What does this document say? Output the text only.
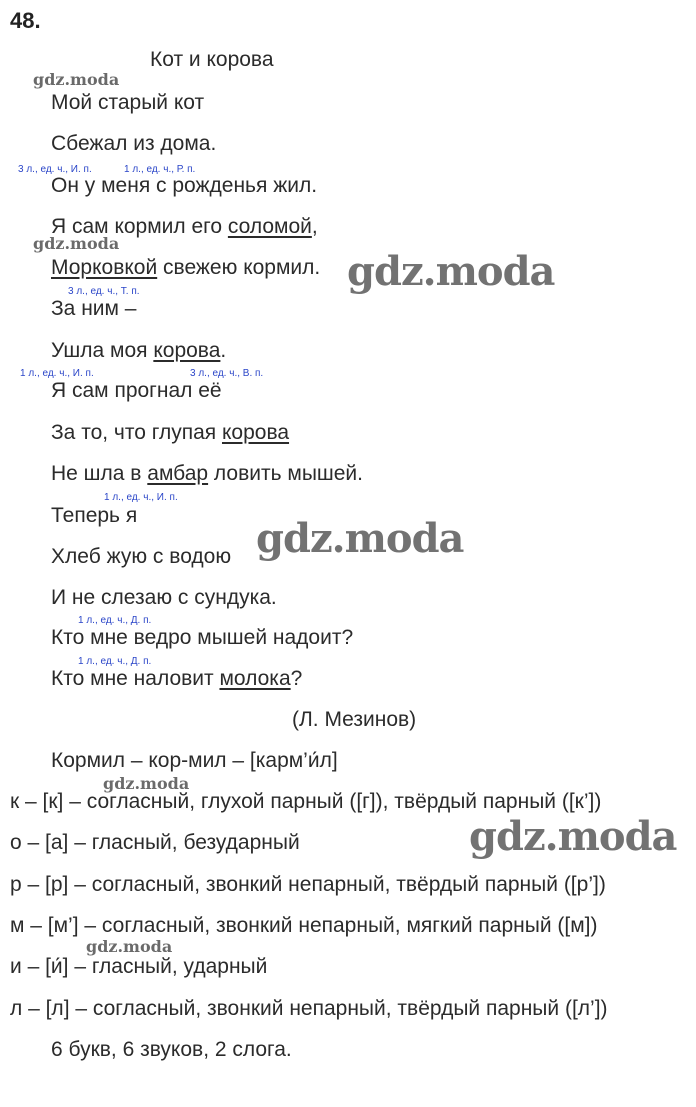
48.
Кот и корова
gdz.moda
Мой старый кот
Сбежал из дома.
3 л., ед. ч., И. п.	1 л., ед. ч., Р. п.
Он у меня с рожденья жил.
Я сам кормил его соломой,
gdz.moda
Морковкой свежею кормил. gdz.moda
3 л., ед. ч., Т. п.
За ним –
Ушла моя корова.
1 л., ед. ч., И. п.	3 л., ед. ч., В. п.
Я сам прогнал её
За то, что глупая корова
Не шла в амбар ловить мышей.
1 л., ед. ч., И. п.
Теперь я
Хлеб жую с водою gdz.moda
И не слезаю с сундука.
1 л., ед. ч., Д. п.
Кто мне ведро мышей надоит?
1 л., ед. ч., Д. п.
Кто мне наловит молока?
(Л. Мезинов)
Кормил – кор-мил – [карм’и́л]
gdz.moda
к – [к] – согласный, глухой парный ([г]), твёрдый парный ([к’])
о – [а] – гласный, безударный	gdz.moda
р – [р] – согласный, звонкий непарный, твёрдый парный ([р’])
м – [м’] – согласный, звонкий непарный, мягкий парный ([м])
gdz.moda
и – [и́] – гласный, ударный
л – [л] – согласный, звонкий непарный, твёрдый парный ([л’])
6 букв, 6 звуков, 2 слога.
